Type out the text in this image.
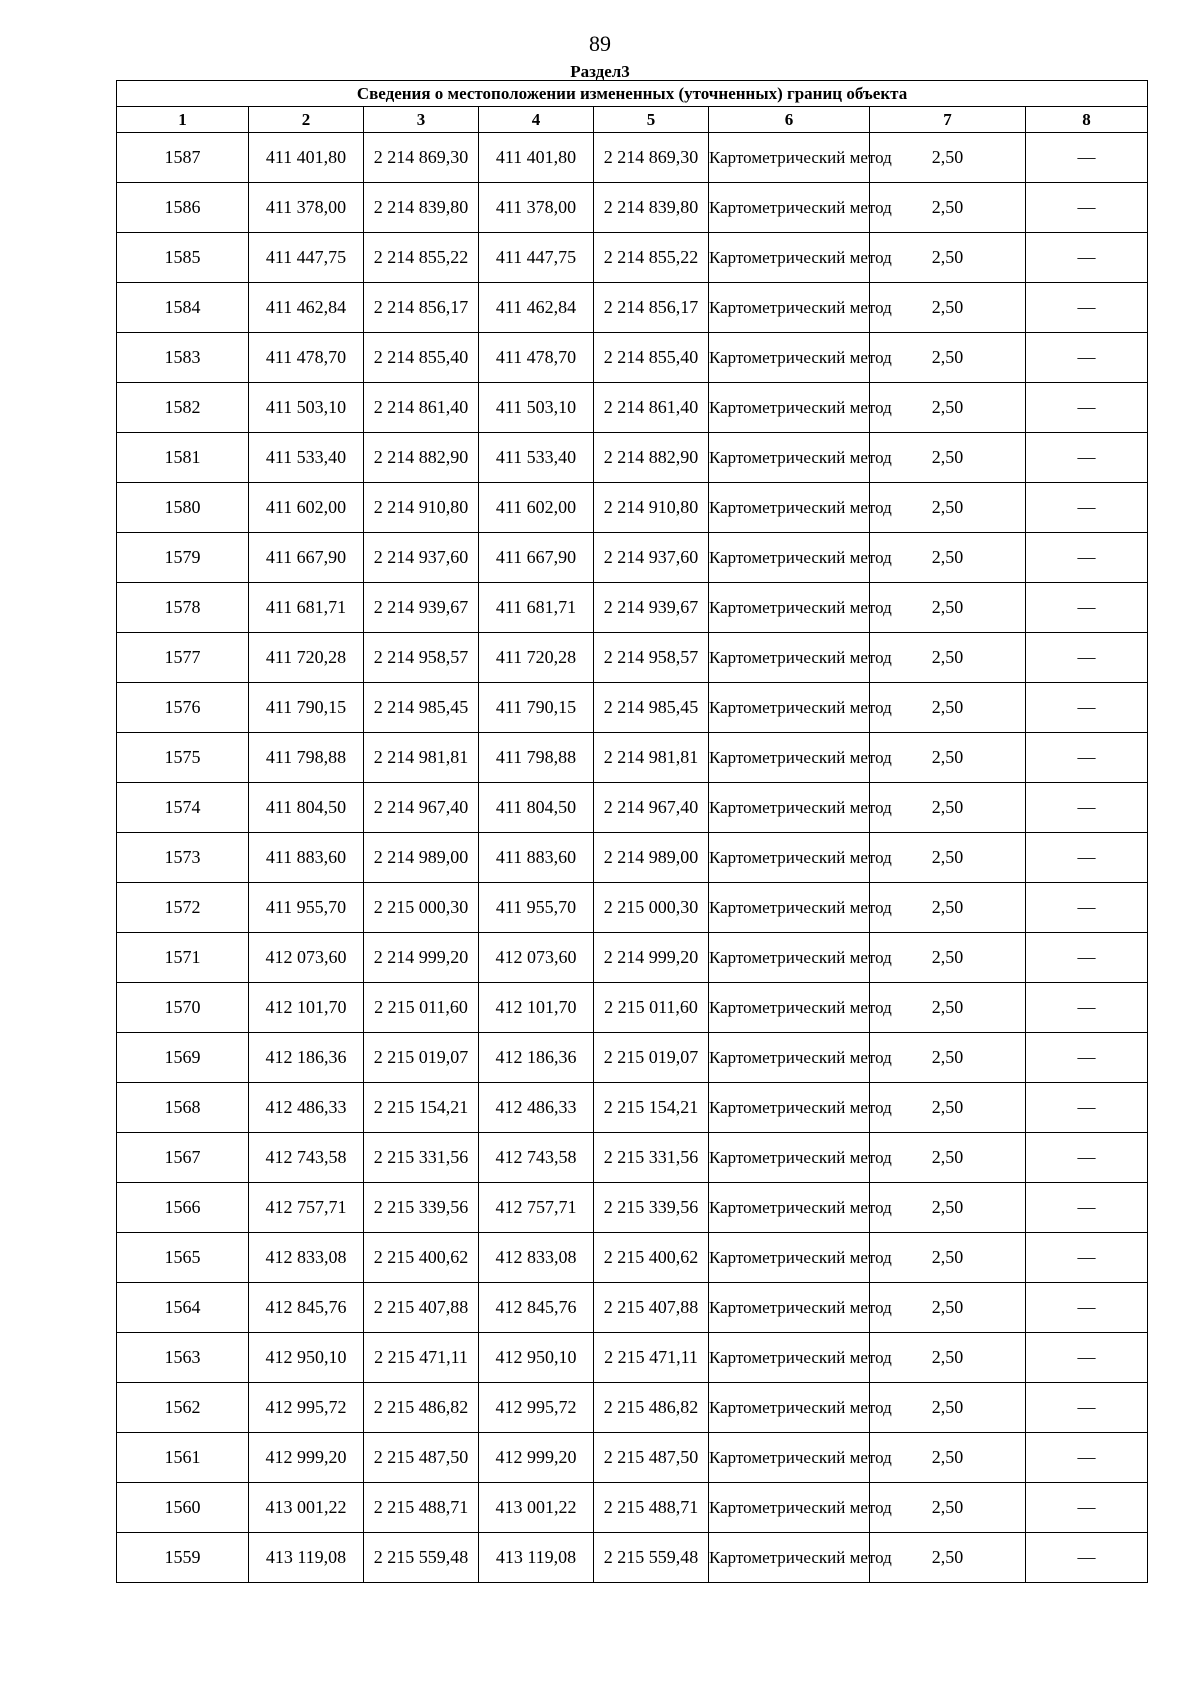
89
Раздел3
Сведения о местоположении измененных (уточненных) границ объекта							
1	2	3	4	5	6	7	8
1587	411 401,80	2 214 869,30	411 401,80	2 214 869,30	Картометрический метод	2,50	—
1586	411 378,00	2 214 839,80	411 378,00	2 214 839,80	Картометрический метод	2,50	—
1585	411 447,75	2 214 855,22	411 447,75	2 214 855,22	Картометрический метод	2,50	—
1584	411 462,84	2 214 856,17	411 462,84	2 214 856,17	Картометрический метод	2,50	—
1583	411 478,70	2 214 855,40	411 478,70	2 214 855,40	Картометрический метод	2,50	—
1582	411 503,10	2 214 861,40	411 503,10	2 214 861,40	Картометрический метод	2,50	—
1581	411 533,40	2 214 882,90	411 533,40	2 214 882,90	Картометрический метод	2,50	—
1580	411 602,00	2 214 910,80	411 602,00	2 214 910,80	Картометрический метод	2,50	—
1579	411 667,90	2 214 937,60	411 667,90	2 214 937,60	Картометрический метод	2,50	—
1578	411 681,71	2 214 939,67	411 681,71	2 214 939,67	Картометрический метод	2,50	—
1577	411 720,28	2 214 958,57	411 720,28	2 214 958,57	Картометрический метод	2,50	—
1576	411 790,15	2 214 985,45	411 790,15	2 214 985,45	Картометрический метод	2,50	—
1575	411 798,88	2 214 981,81	411 798,88	2 214 981,81	Картометрический метод	2,50	—
1574	411 804,50	2 214 967,40	411 804,50	2 214 967,40	Картометрический метод	2,50	—
1573	411 883,60	2 214 989,00	411 883,60	2 214 989,00	Картометрический метод	2,50	—
1572	411 955,70	2 215 000,30	411 955,70	2 215 000,30	Картометрический метод	2,50	—
1571	412 073,60	2 214 999,20	412 073,60	2 214 999,20	Картометрический метод	2,50	—
1570	412 101,70	2 215 011,60	412 101,70	2 215 011,60	Картометрический метод	2,50	—
1569	412 186,36	2 215 019,07	412 186,36	2 215 019,07	Картометрический метод	2,50	—
1568	412 486,33	2 215 154,21	412 486,33	2 215 154,21	Картометрический метод	2,50	—
1567	412 743,58	2 215 331,56	412 743,58	2 215 331,56	Картометрический метод	2,50	—
1566	412 757,71	2 215 339,56	412 757,71	2 215 339,56	Картометрический метод	2,50	—
1565	412 833,08	2 215 400,62	412 833,08	2 215 400,62	Картометрический метод	2,50	—
1564	412 845,76	2 215 407,88	412 845,76	2 215 407,88	Картометрический метод	2,50	—
1563	412 950,10	2 215 471,11	412 950,10	2 215 471,11	Картометрический метод	2,50	—
1562	412 995,72	2 215 486,82	412 995,72	2 215 486,82	Картометрический метод	2,50	—
1561	412 999,20	2 215 487,50	412 999,20	2 215 487,50	Картометрический метод	2,50	—
1560	413 001,22	2 215 488,71	413 001,22	2 215 488,71	Картометрический метод	2,50	—
1559	413 119,08	2 215 559,48	413 119,08	2 215 559,48	Картометрический метод	2,50	—
